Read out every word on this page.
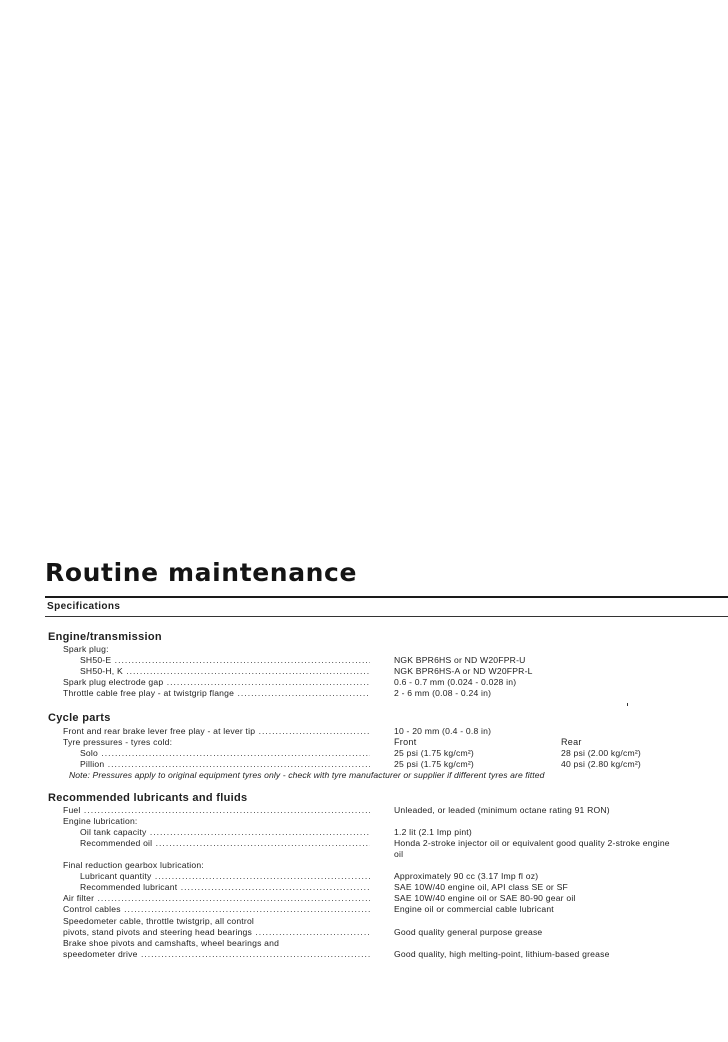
Routine maintenance
Specifications
Engine/transmission
Spark plug:
SH50-E .....	NGK BPR6HS or ND W20FPR-U
SH50-H, K .....	NGK BPR6HS-A or ND W20FPR-L
Spark plug electrode gap .....	0.6 - 0.7 mm (0.024 - 0.028 in)
Throttle cable free play - at twistgrip flange .....	2 - 6 mm (0.08 - 0.24 in)
Cycle parts
Front and rear brake lever free play - at lever tip .....	10 - 20 mm (0.4 - 0.8 in)
Tyre pressures - tyres cold:	Front	Rear
Solo .....	25 psi (1.75 kg/cm²)	28 psi (2.00 kg/cm²)
Pillion .....	25 psi (1.75 kg/cm²)	40 psi (2.80 kg/cm²)
Note: Pressures apply to original equipment tyres only - check with tyre manufacturer or supplier if different tyres are fitted
Recommended lubricants and fluids
Fuel .....	Unleaded, or leaded (minimum octane rating 91 RON)
Engine lubrication:
Oil tank capacity .....	1.2 lit (2.1 Imp pint)
Recommended oil .....	Honda 2-stroke injector oil or equivalent good quality 2-stroke engine
oil
Final reduction gearbox lubrication:
Lubricant quantity .....	Approximately 90 cc (3.17 Imp fl oz)
Recommended lubricant .....	SAE 10W/40 engine oil, API class SE or SF
Air filter .....	SAE 10W/40 engine oil or SAE 80-90 gear oil
Control cables .....	Engine oil or commercial cable lubricant
Speedometer cable, throttle twistgrip, all control
pivots, stand pivots and steering head bearings .....	Good quality general purpose grease
Brake shoe pivots and camshafts, wheel bearings and
speedometer drive .....	Good quality, high melting-point, lithium-based grease
